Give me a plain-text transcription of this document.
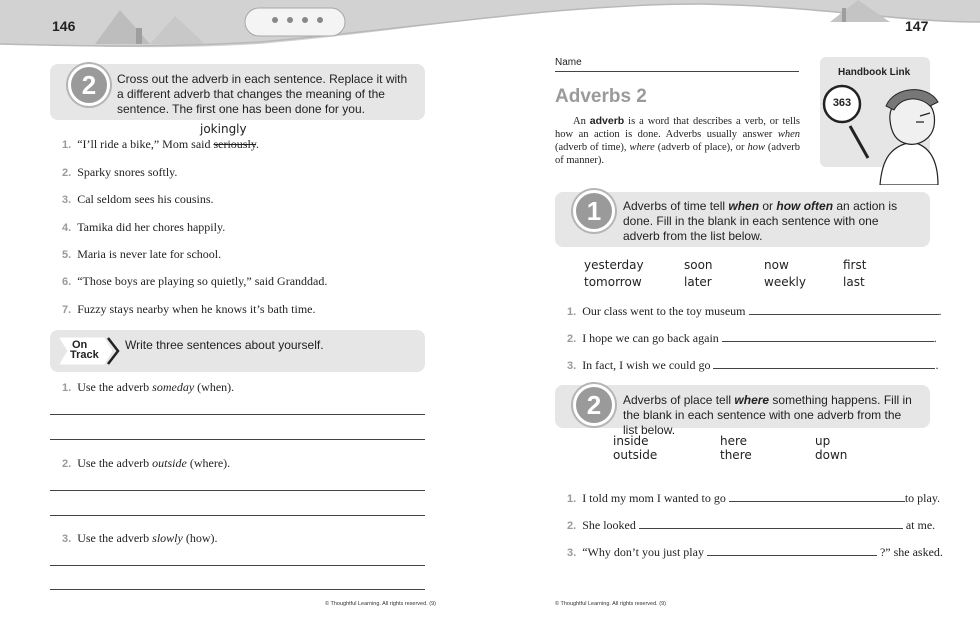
146	147
2	Cross out the adverb in each sentence. Replace it with a different adverb that changes the meaning of the sentence. The first one has been done for you.
1. “I’ll ride a bike,” Mom said seriously.
jokingly
2. Sparky snores softly.
3. Cal seldom sees his cousins.
4. Tamika did her chores happily.
5. Maria is never late for school.
6. “Those boys are playing so quietly,” said Granddad.
7. Fuzzy stays nearby when he knows it’s bath time.
On
Track
Write three sentences about yourself.
1. Use the adverb someday (when).
2. Use the adverb outside (where).
3. Use the adverb slowly (how).
© Thoughtful Learning. All rights reserved. (9)
Name
Adverbs 2
An adverb is a word that describes a verb, or tells how an action is done. Adverbs usually answer when (adverb of time), where (adverb of place), or how (adverb of manner).
Handbook Link
363
1	Adverbs of time tell when or how often an action is done. Fill in the blank in each sentence with one adverb from the list below.
yesterday	soon	now	first
tomorrow	later	weekly	last
1. Our class went to the toy museum	.
2. I hope we can go back again	.
3. In fact, I wish we could go	.
2	Adverbs of place tell where something happens. Fill in the blank in each sentence with one adverb from the list below.
inside	here	up
outside	there	down
1. I told my mom I wanted to go	to play.
2. She looked	at me.
3. “Why don’t you just play	?” she asked.
© Thoughtful Learning. All rights reserved. (9)
